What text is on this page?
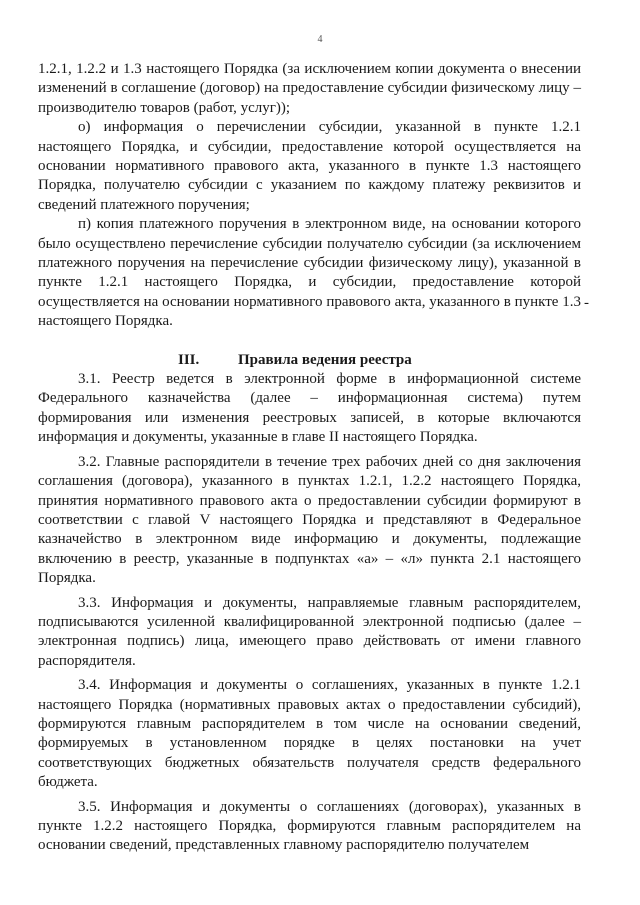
4

1.2.1, 1.2.2 и 1.3 настоящего Порядка (за исключением копии документа о внесении изменений в соглашение (договор) на предоставление субсидии физическому лицу – производителю товаров (работ, услуг));

о) информация о перечислении субсидии, указанной в пункте 1.2.1 настоящего Порядка, и субсидии, предоставление которой осуществляется на основании нормативного правового акта, указанного в пункте 1.3 настоящего Порядка, получателю субсидии с указанием по каждому платежу реквизитов и сведений платежного поручения;

п) копия платежного поручения в электронном виде, на основании которого было осуществлено перечисление субсидии получателю субсидии (за исключением платежного поручения на перечисление субсидии физическому лицу), указанной в пункте 1.2.1 настоящего Порядка, и субсидии, предоставление которой осуществляется на основании нормативного правового акта, указанного в пункте 1.3 настоящего Порядка.

III.	Правила ведения реестра

3.1. Реестр ведется в электронной форме в информационной системе Федерального казначейства (далее – информационная система) путем формирования или изменения реестровых записей, в которые включаются информация и документы, указанные в главе II настоящего Порядка.

3.2. Главные распорядители в течение трех рабочих дней со дня заключения соглашения (договора), указанного в пунктах 1.2.1, 1.2.2 настоящего Порядка, принятия нормативного правового акта о предоставлении субсидии формируют в соответствии с главой V настоящего Порядка и представляют в Федеральное казначейство в электронном виде информацию и документы, подлежащие включению в реестр, указанные в подпунктах «а» – «л» пункта 2.1 настоящего Порядка.

3.3. Информация и документы, направляемые главным распорядителем, подписываются усиленной квалифицированной электронной подписью (далее – электронная подпись) лица, имеющего право действовать от имени главного распорядителя.

3.4. Информация и документы о соглашениях, указанных в пункте 1.2.1 настоящего Порядка (нормативных правовых актах о предоставлении субсидий), формируются главным распорядителем в том числе на основании сведений, формируемых в установленном порядке в целях постановки на учет соответствующих бюджетных обязательств получателя средств федерального бюджета.

3.5. Информация и документы о соглашениях (договорах), указанных в пункте 1.2.2 настоящего Порядка, формируются главным распорядителем на основании сведений, представленных главному распорядителю получателем

-
